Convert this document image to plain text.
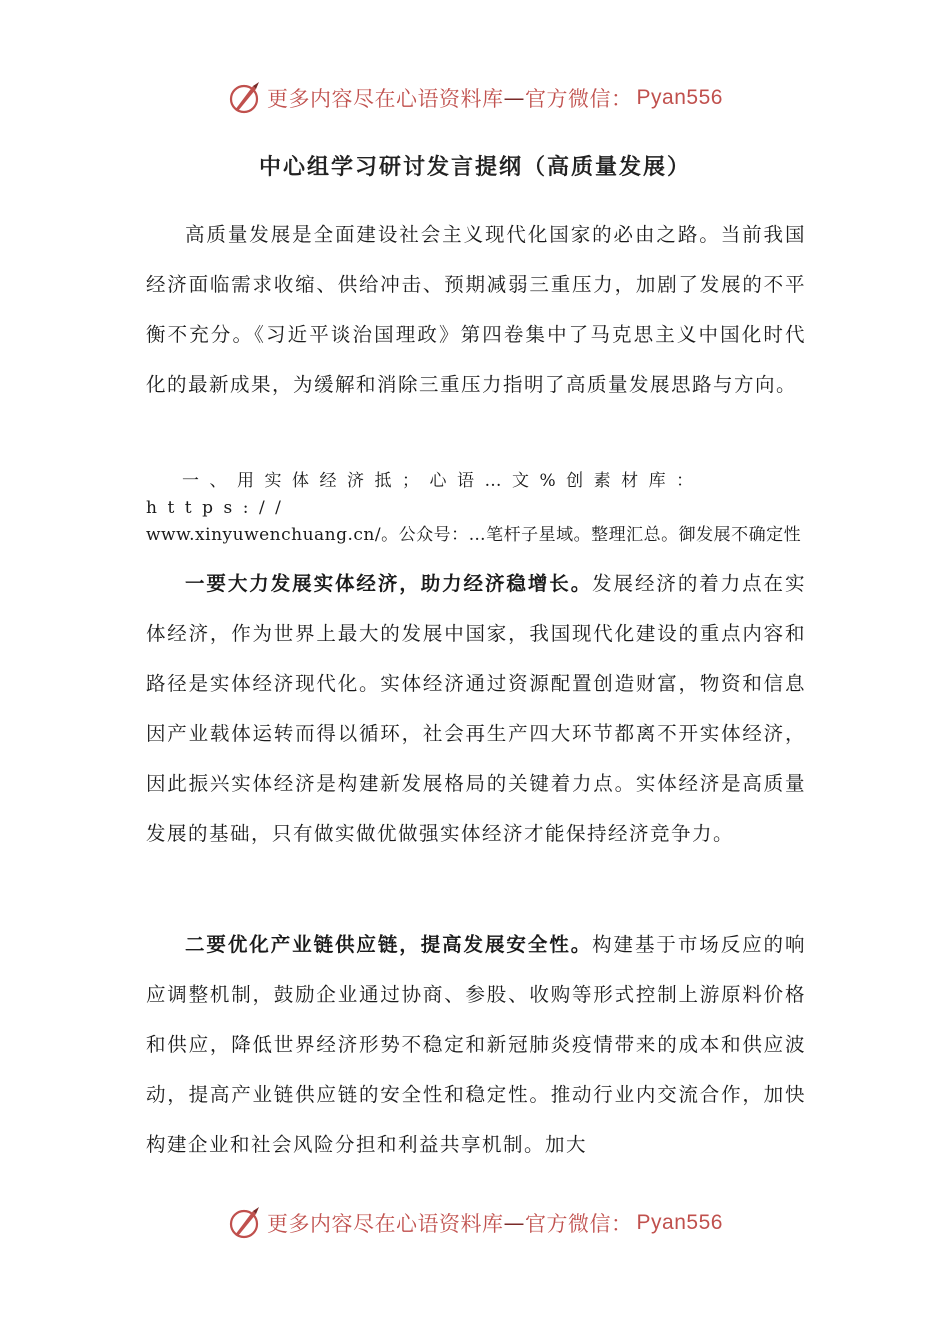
更多内容尽在心语资料库 — 官方微信： Pyan556
中心组学习研讨发言提纲（高质量发展）

高质量发展是全面建设社会主义现代化国家的必由之路。当前我国经济面临需求收缩、供给冲击、预期减弱三重压力，加剧了发展的不平衡不充分。《习近平谈治国理政》第四卷集中了马克思主义中国化时代化的最新成果，为缓解和消除三重压力指明了高质量发展思路与方向。

一、用实体经济抵；心语…文%创素材库：https://
www.xinyuwenchuang.cn/。公众号：…笔杆子星域。整理汇总。御发展不确定性

一要大力发展实体经济，助力经济稳增长。发展经济的着力点在实体经济，作为世界上最大的发展中国家，我国现代化建设的重点内容和路径是实体经济现代化。实体经济通过资源配置创造财富，物资和信息因产业载体运转而得以循环，社会再生产四大环节都离不开实体经济，因此振兴实体经济是构建新发展格局的关键着力点。实体经济是高质量发展的基础，只有做实做优做强实体经济才能保持经济竞争力。

二要优化产业链供应链，提高发展安全性。构建基于市场反应的响应调整机制，鼓励企业通过协商、参股、收购等形式控制上游原料价格和供应，降低世界经济形势不稳定和新冠肺炎疫情带来的成本和供应波动，提高产业链供应链的安全性和稳定性。推动行业内交流合作，加快构建企业和社会风险分担和利益共享机制。加大

更多内容尽在心语资料库 — 官方微信： Pyan556
